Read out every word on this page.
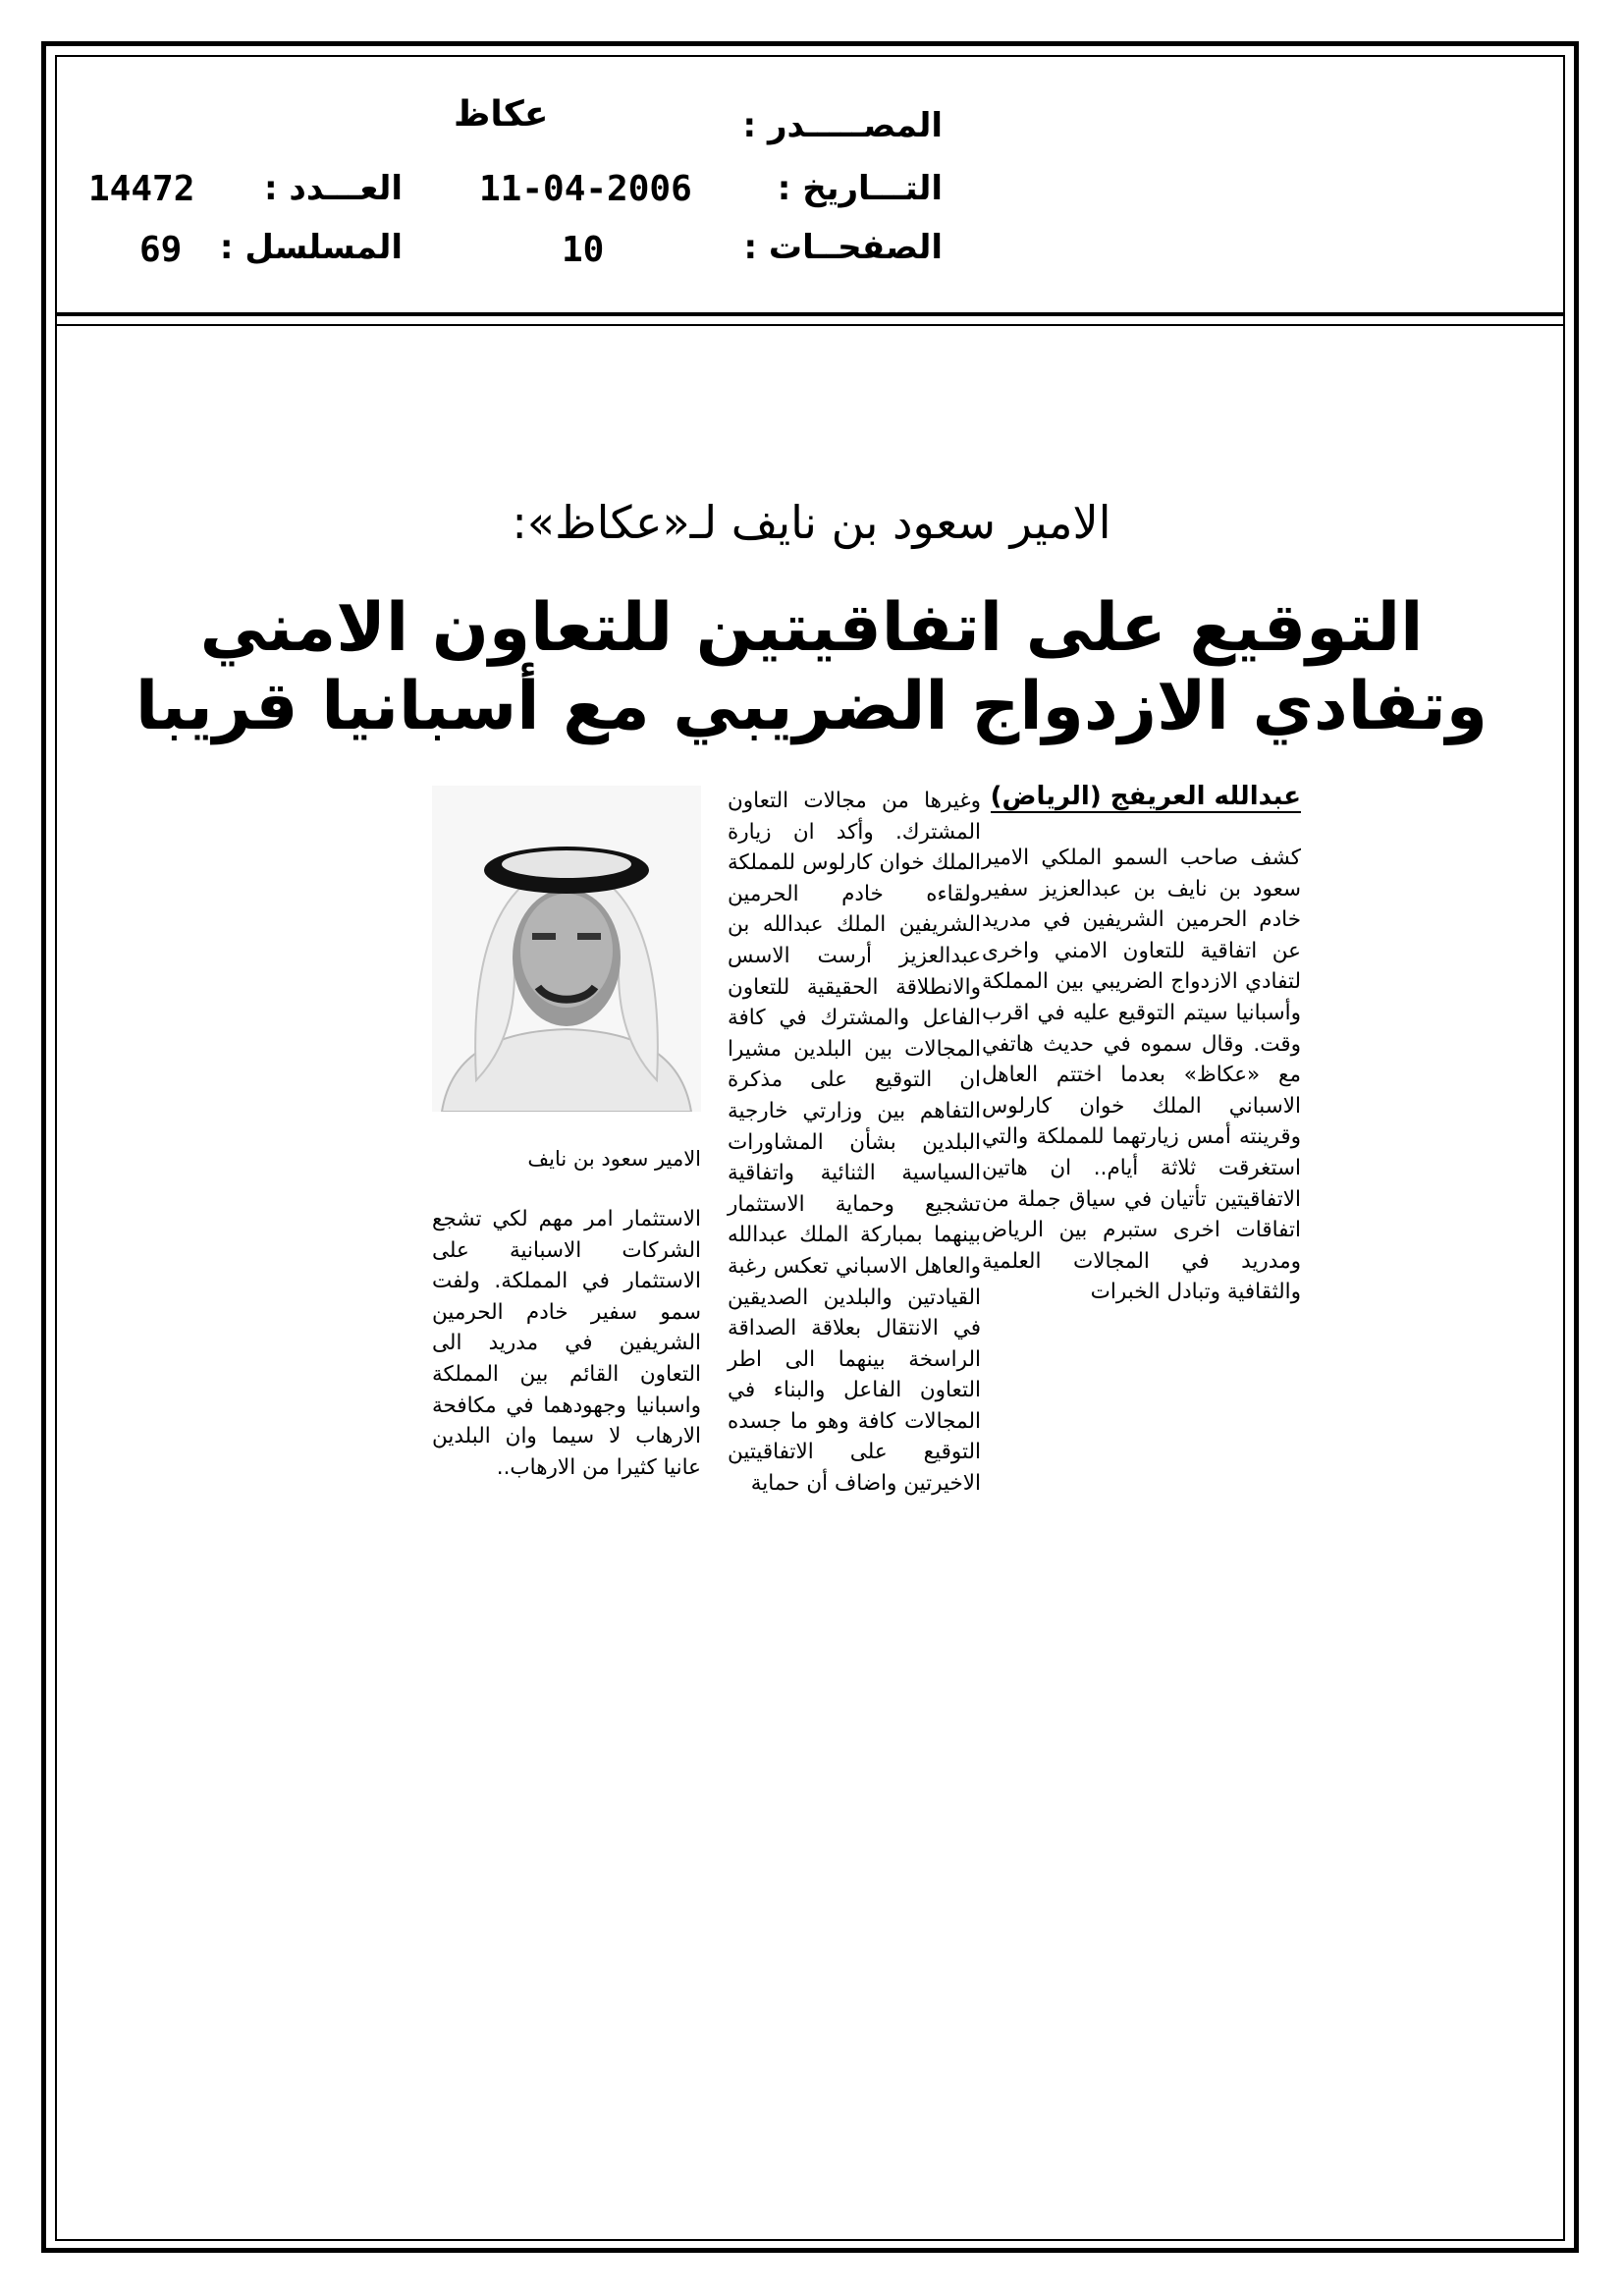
المصـــــدر :
عكاظ
التـــاريخ :
11-04-2006
العـــدد :
14472
الصفحــات :
10
المسلسل :
69
الامير سعود بن نايف لـ«عكاظ»:
التوقيع على اتفاقيتين للتعاون الامني
وتفادي الازدواج الضريبي مع أسبانيا قريبا
عبدالله العريفج (الرياض)
كشف صاحب السمو الملكي الامير سعود بن نايف بن عبدالعزيز سفير خادم الحرمين الشريفين في مدريد عن اتفاقية للتعاون الامني واخرى لتفادي الازدواج الضريبي بين المملكة وأسبانيا سيتم التوقيع عليه في اقرب وقت. وقال سموه في حديث هاتفي مع «عكاظ» بعدما اختتم العاهل الاسباني الملك خوان كارلوس وقرينته أمس زيارتهما للمملكة والتي استغرقت ثلاثة أيام.. ان هاتين الاتفاقيتين تأتيان في سياق جملة من اتفاقات اخرى ستبرم بين الرياض ومدريد في المجالات العلمية والثقافية وتبادل الخبرات
وغيرها من مجالات التعاون المشترك. وأكد ان زيارة الملك خوان كارلوس للمملكة ولقاءه خادم الحرمين الشريفين الملك عبدالله بن عبدالعزيز أرست الاسس والانطلاقة الحقيقية للتعاون الفاعل والمشترك في كافة المجالات بين البلدين مشيرا ان التوقيع على مذكرة التفاهم بين وزارتي خارجية البلدين بشأن المشاورات السياسية الثنائية واتفاقية تشجيع وحماية الاستثمار بينهما بمباركة الملك عبدالله والعاهل الاسباني تعكس رغبة القيادتين والبلدين الصديقين في الانتقال بعلاقة الصداقة الراسخة بينهما الى اطر التعاون الفاعل والبناء في المجالات كافة وهو ما جسده التوقيع على الاتفاقيتين الاخيرتين واضاف أن حماية
الامير سعود بن نايف
الاستثمار امر مهم لكي تشجع الشركات الاسبانية على الاستثمار في المملكة. ولفت سمو سفير خادم الحرمين الشريفين في مدريد الى التعاون القائم بين المملكة واسبانيا وجهودهما في مكافحة الارهاب لا سيما وان البلدين عانيا كثيرا من الارهاب..
